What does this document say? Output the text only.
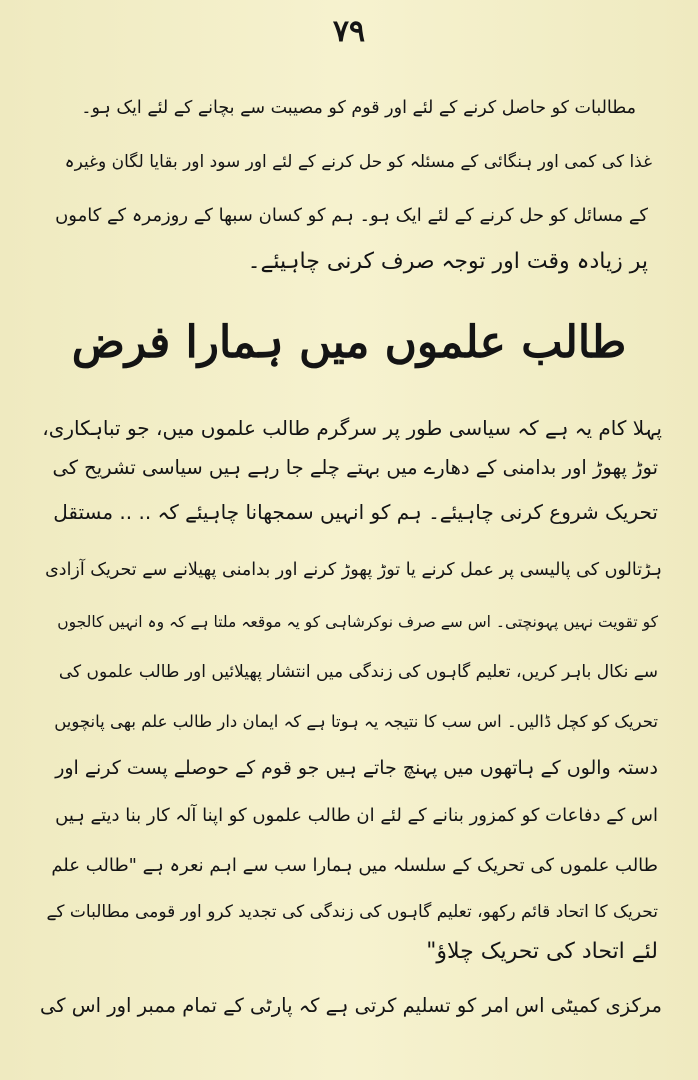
۷۹
مطالبات کو حاصل کرنے کے لئے اور قوم کو مصیبت سے بچانے کے لئے ایک ہو۔
غذا کی کمی اور ہنگائی کے مسئلہ کو حل کرنے کے لئے اور سود اور بقایا لگان وغیرہ
کے مسائل کو حل کرنے کے لئے ایک ہو۔ ہم کو کسان سبھا کے روزمرہ کے کاموں
پر زیادہ وقت اور توجہ صرف کرنی چاہیئے۔
طالب علموں میں ہمارا فرض
پہلا کام یہ ہے کہ سیاسی طور پر سرگرم طالب علموں میں، جو تباہکاری،
توڑ پھوڑ اور بدامنی کے دھارے میں بہتے چلے جا رہے ہیں سیاسی تشریح کی
تحریک شروع کرنی چاہیئے۔ ہم کو انہیں سمجھانا چاہیئے کہ .. .. مستقل
ہڑتالوں کی پالیسی پر عمل کرنے یا توڑ پھوڑ کرنے اور بدامنی پھیلانے سے تحریک آزادی
کو تقویت نہیں پہونچتی۔ اس سے صرف نوکرشاہی کو یہ موقعہ ملتا ہے کہ وہ انہیں کالجوں
سے نکال باہر کریں، تعلیم گاہوں کی زندگی میں انتشار پھیلائیں اور طالب علموں کی
تحریک کو کچل ڈالیں۔ اس سب کا نتیجہ یہ ہوتا ہے کہ ایمان دار طالب علم بھی پانچویں
دستہ والوں کے ہاتھوں میں پہنچ جاتے ہیں جو قوم کے حوصلے پست کرنے اور
اس کے دفاعات کو کمزور بنانے کے لئے ان طالب علموں کو اپنا آلہ کار بنا دیتے ہیں
طالب علموں کی تحریک کے سلسلہ میں ہمارا سب سے اہم نعرہ ہے "طالب علم
تحریک کا اتحاد قائم رکھو، تعلیم گاہوں کی زندگی کی تجدید کرو اور قومی مطالبات کے
لئے اتحاد کی تحریک چلاؤ"
مرکزی کمیٹی اس امر کو تسلیم کرتی ہے کہ پارٹی کے تمام ممبر اور اس کی
